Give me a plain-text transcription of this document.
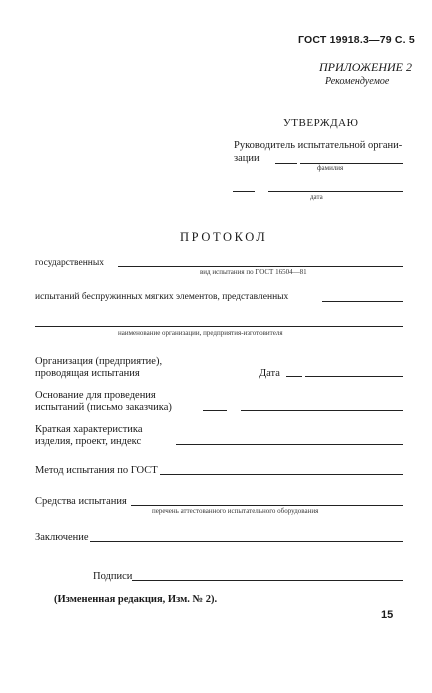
ГОСТ 19918.3—79 С. 5
ПРИЛОЖЕНИЕ 2
Рекомендуемое
УТВЕРЖДАЮ
Руководитель испытательной органи-
зации
фамилия
дата
ПРОТОКОЛ
государственных
вид испытания по ГОСТ 16504—81
испытаний беспружинных мягких элементов, представленных
наименование организации, предприятия-изготовителя
Организация (предприятие),
проводящая испытания	Дата
Основание для проведения
испытаний (письмо заказчика)
Краткая характеристика
изделия, проект, индекс
Метод испытания по ГОСТ
Средства испытания
перечень аттестованного испытательного оборудования
Заключение
Подписи
(Измененная редакция, Изм. № 2).
15
